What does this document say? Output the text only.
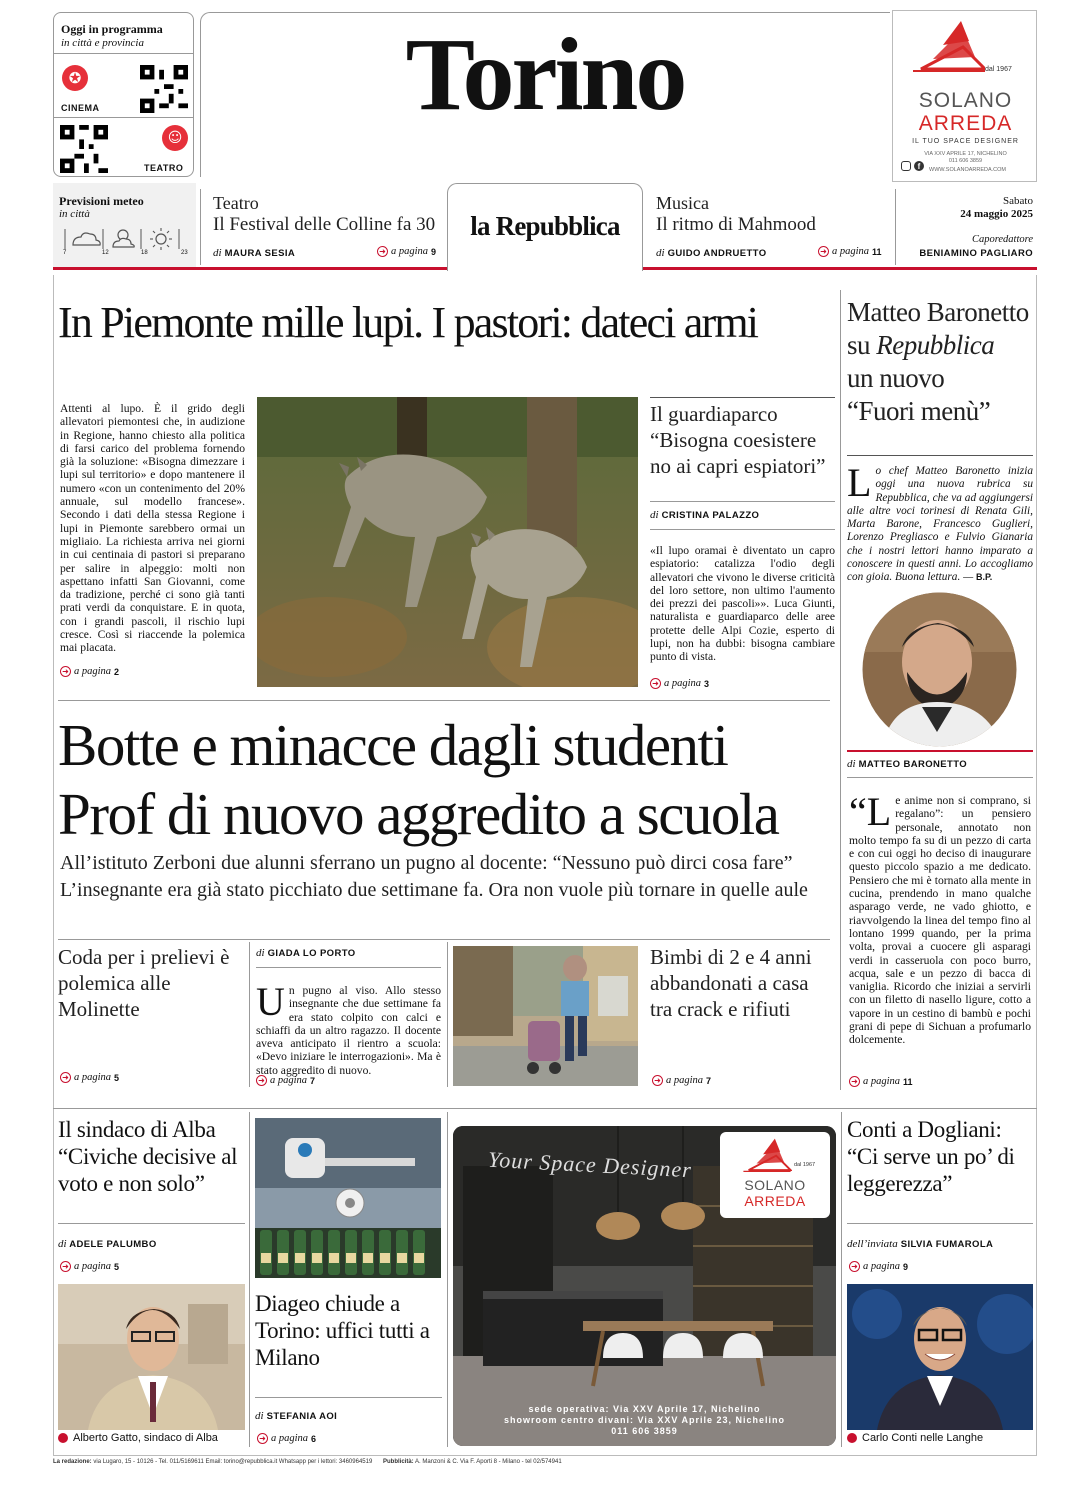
Oggi in programma
in città e provincia
✪
CINEMA
☺
TEATRO
Torino	dal 1967
SOLANO
ARREDA
IL TUO SPACE DESIGNER
VIA XXV APRILE 17, NICHELINO
011 606 3859
f	WWW.SOLANOARREDA.COM
Previsioni meteo
in città
7	12	18	23
Teatro
Il Festival delle Colline fa 30
di MAURA SESIA	➜ a pagina 9
la Repubblica
Musica
Il ritmo di Mahmood
di GUIDO ANDRUETTO	➜ a pagina 11
Sabato
24 maggio 2025
Caporedattore
BENIAMINO PAGLIARO
In Piemonte mille lupi. I pastori: dateci armi
Attenti al lupo. È il grido degli allevatori piemontesi che, in audizione in Regione, hanno chiesto alla politica di farsi carico del problema fornendo già la soluzione: «Bisogna dimezzare i lupi sul territorio» e dopo mantenere il numero «con un contenimento del 20% annuale, sul modello francese». Secondo i dati della stessa Regione i lupi in Piemonte sarebbero ormai un migliaio. La richiesta arriva nei giorni in cui centinaia di pastori si preparano per salire in alpeggio: molti non aspettano infatti San Giovanni, come da tradizione, perché ci sono già tanti prati verdi da conquistare. E in quota, con i grandi pascoli, il rischio lupi cresce. Così si riaccende la polemica mai placata.
➜ a pagina 2
Il guardiaparco “Bisogna coesistere no ai capri espiatori”
di CRISTINA PALAZZO
«Il lupo oramai è diventato un capro espiatorio: catalizza l'odio degli allevatori che vivono le diverse criticità del loro settore, non ultimo l'aumento dei prezzi dei pascoli»». Luca Giunti, naturalista e guardiaparco delle aree protette delle Alpi Cozie, esperto di lupi, non ha dubbi: bisogna cambiare punto di vista.
➜ a pagina 3
Botte e minacce dagli studenti
Prof di nuovo aggredito a scuola
All’istituto Zerboni due alunni sferrano un pugno al docente: “Nessuno può dirci cosa fare”
L’insegnante era già stato picchiato due settimane fa. Ora non vuole più tornare in quelle aule
Coda per i prelievi è polemica alle Molinette
➜ a pagina 5
di GIADA LO PORTO
Un pugno al viso. Allo stesso insegnante che due settimane fa era stato colpito con calci e schiaffi da un altro ragazzo. Il docente aveva anticipato il rientro a scuola: «Devo iniziare le interrogazioni». Ma è stato aggredito di nuovo.
➜ a pagina 7
Bimbi di 2 e 4 anni abbandonati a casa tra crack e rifiuti
➜ a pagina 7
Matteo Baronetto
su Repubblica
un nuovo
“Fuori menù”
Lo chef Matteo Baronetto inizia oggi una nuova rubrica su Repubblica, che va ad aggiungersi alle altre voci torinesi di Renata Gili, Marta Barone, Francesco Guglieri, Lorenzo Pregliasco e Fulvio Gianaria che i nostri lettori hanno imparato a conoscere in questi anni. Lo accogliamo con gioia. Buona lettura. — B.P.
di MATTEO BARONETTO
“Le anime non si comprano, si regalano”: un pensiero personale, annotato non molto tempo fa su di un pezzo di carta e con cui oggi ho deciso di inaugurare questo piccolo spazio a me dedicato. Pensiero che mi è tornato alla mente in cucina, prendendo in mano qualche asparago verde, ne vado ghiotto, e riavvolgendo la linea del tempo fino al lontano 1999 quando, per la prima volta, provai a cuocere gli asparagi verdi in casseruola con poco burro, acqua, sale e un pezzo di bacca di vaniglia. Ricordo che iniziai a servirli con un filetto di nasello ligure, cotto a vapore in un cestino di bambù e pochi grani di pepe di Sichuan a profumarlo dolcemente.
➜ a pagina 11
Il sindaco di Alba “Civiche decisive al voto e non solo”
di ADELE PALUMBO
➜ a pagina 5
Alberto Gatto, sindaco di Alba
Diageo chiude a Torino: uffici tutti a Milano
di STEFANIA AOI
➜ a pagina 6
Your Space Designer	dal 1967
SOLANO
ARREDA
sede operativa: Via XXV Aprile 17, Nichelino
showroom centro divani: Via XXV Aprile 23, Nichelino
011 606 3859
Conti a Dogliani: “Ci serve un po’ di leggerezza”
dell’inviata SILVIA FUMAROLA
➜ a pagina 9
Carlo Conti nelle Langhe
La redazione: via Lugaro, 15 - 10126 - Tel. 011/5169611 Email: torino@repubblica.it Whatsapp per i lettori: 3460964519 Pubblicità: A. Manzoni & C. Via F. Aporti 8 - Milano - tel 02/574941
